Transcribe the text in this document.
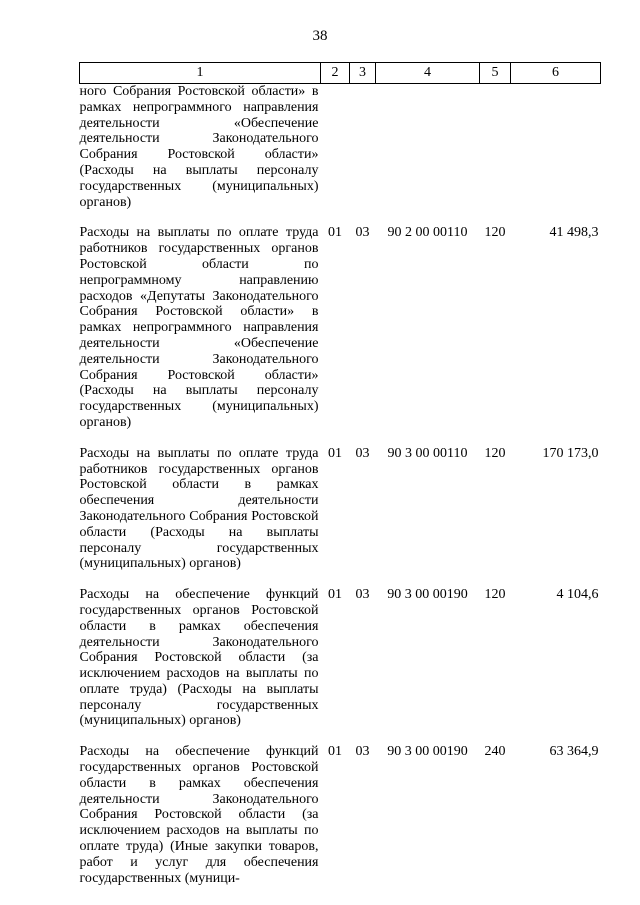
38
1	2	3	4	5	6
ного Собрания Ростовской области» в рамках непрограммного направления деятельности «Обеспечение деятельности Законодательного Собрания Ростовской области» (Расходы на выплаты персоналу государственных (муниципальных) органов)					
Расходы на выплаты по оплате труда работников государственных органов Ростовской области по непрограммному направлению расходов «Депутаты Законодательного Собрания Ростовской области» в рамках непрограммного направления деятельности «Обеспечение деятельности Законодательного Собрания Ростовской области» (Расходы на выплаты персоналу государственных (муниципальных) органов)	01	03	90 2 00 00110	120	41 498,3
Расходы на выплаты по оплате труда работников государственных органов Ростовской области в рамках обеспечения деятельности Законодательного Собрания Ростовской области (Расходы на выплаты персоналу государственных (муниципальных) органов)	01	03	90 3 00 00110	120	170 173,0
Расходы на обеспечение функций государственных органов Ростовской области в рамках обеспечения деятельности Законодательного Собрания Ростовской области (за исключением расходов на выплаты по оплате труда) (Расходы на выплаты персоналу государственных (муниципальных) органов)	01	03	90 3 00 00190	120	4 104,6
Расходы на обеспечение функций государственных органов Ростовской области в рамках обеспечения деятельности Законодательного Собрания Ростовской области (за исключением расходов на выплаты по оплате труда) (Иные закупки товаров, работ и услуг для обеспечения государственных (муници-	01	03	90 3 00 00190	240	63 364,9
